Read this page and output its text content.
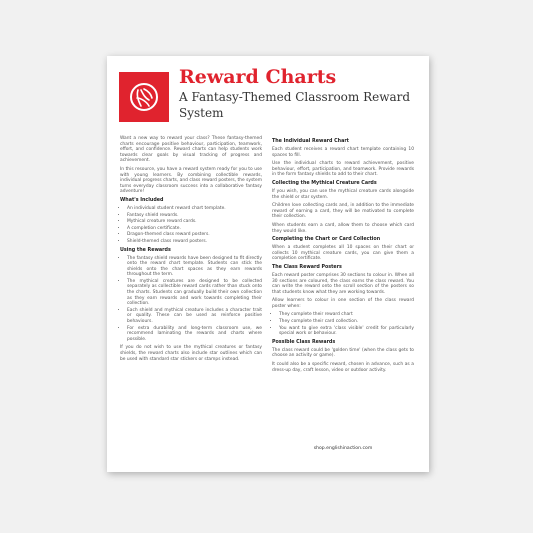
Reward Charts
A Fantasy-Themed Classroom Reward System

Want a new way to reward your class? These fantasy-themed charts encourage positive behaviour, participation, teamwork, effort, and confidence. Reward charts can help students work towards clear goals by visual tracking of progress and achievement.

In this resource, you have a reward system ready for you to use with young learners. By combining collectible rewards, individual progress charts, and class reward posters, the system turns everyday classroom success into a collaborative fantasy adventure!

What's Included
• An individual student reward chart template.
• Fantasy shield rewards.
• Mythical creature reward cards.
• A completion certificate.
• Dragon-themed class reward posters.
• Shield-themed class reward posters.
Using the Rewards
• The fantasy shield rewards have been designed to fit directly onto the reward chart template. Students can stick the shields onto the chart spaces as they earn rewards throughout the term.
• The mythical creatures are designed to be collected separately as collectible reward cards rather than stuck onto the charts. Students can gradually build their own collection as they earn rewards and work towards completing their collection.
• Each shield and mythical creature includes a character trait or quality. These can be used as reinforce positive behaviours.
• For extra durability and long-term classroom use, we recommend laminating the rewards and charts where possible.

If you do not wish to use the mythical creatures or fantasy shields, the reward charts also include star outlines which can be used with standard star stickers or stamps instead.

The Individual Reward Chart

Each student receives a reward chart template containing 10 spaces to fill.

Use the individual charts to reward achievement, positive behaviour, effort, participation, and teamwork. Provide rewards in the form fantasy shields to add to their chart.

Collecting the Mythical Creature Cards

If you wish, you can use the mythical creature cards alongside the shield or star system.

Children love collecting cards and, in addition to the immediate reward of earning a card, they will be motivated to complete their collection.

When students earn a card, allow them to choose which card they would like.

Completing the Chart or Card Collection

When a student completes all 10 spaces on their chart or collects 10 mythical creature cards, you can give them a completion certificate.

The Class Reward Posters

Each reward poster comprises 30 sections to colour in. When all 30 sections are coloured, the class earns the class reward. You can write the reward onto the scroll section of the posters so that students know what they are working towards.

Allow learners to colour in one section of the class reward poster when:

• They complete their reward chart
• They complete their card collection.
• You want to give extra 'class visible' credit for particularly special work or behaviour.
Possible Class Rewards

The class reward could be 'golden time' (when the class gets to choose an activity or game).

It could also be a specific reward, chosen in advance, such as a dress-up day, craft lesson, video or outdoor activity.

shop.englishinaction.com
